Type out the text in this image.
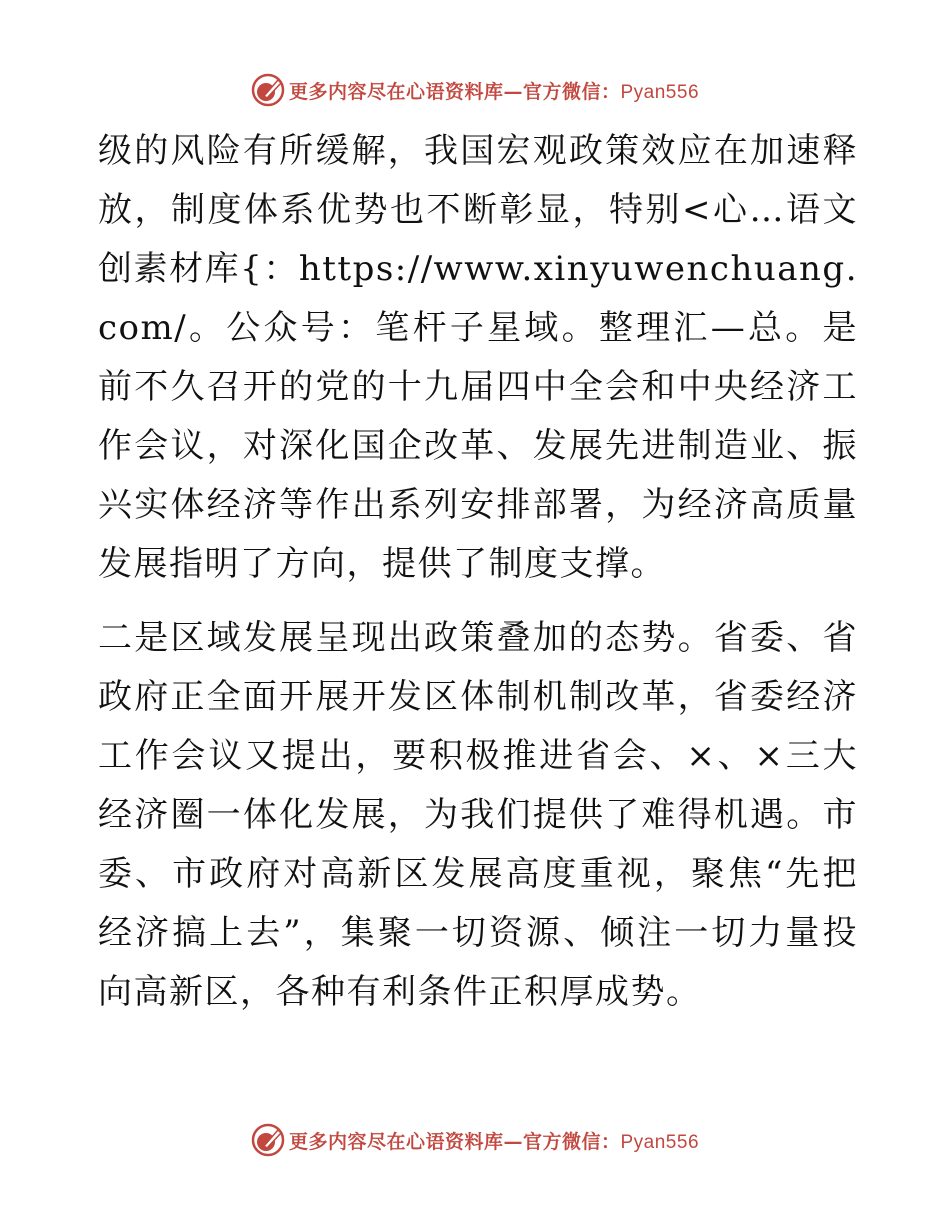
更多内容尽在心语资料库—官方微信：Pyan556

级的风险有所缓解，我国宏观政策效应在加速释放，制度体系优势也不断彰显，特别<心…语文创素材库{：https://www.xinyuwenchuang.com/。公众号：笔杆子星域。整理汇—总。是前不久召开的党的十九届四中全会和中央经济工作会议，对深化国企改革、发展先进制造业、振兴实体经济等作出系列安排部署，为经济高质量发展指明了方向，提供了制度支撑。

二是区域发展呈现出政策叠加的态势。省委、省政府正全面开展开发区体制机制改革，省委经济工作会议又提出，要积极推进省会、×、×三大经济圈一体化发展，为我们提供了难得机遇。市委、市政府对高新区发展高度重视，聚焦“先把经济搞上去”，集聚一切资源、倾注一切力量投向高新区，各种有利条件正积厚成势。

更多内容尽在心语资料库—官方微信：Pyan556
